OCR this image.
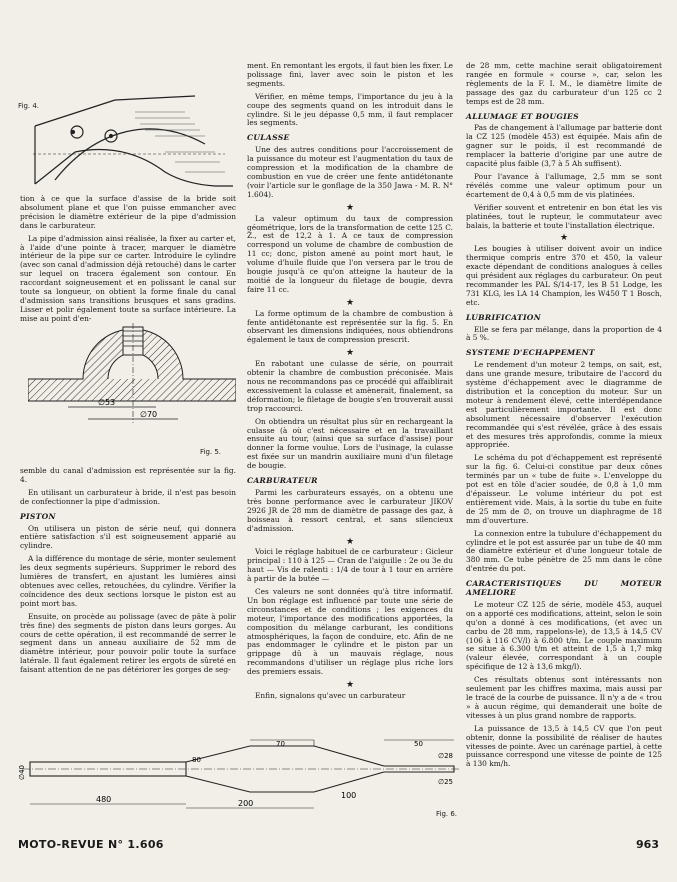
Fig. 4.

tion à ce que la surface d'assise de la bride soit absolument plane et que l'on puisse emmancher avec précision le diamètre extérieur de la pipe d'admission dans le carburateur.

La pipe d'admission ainsi réalisée, la fixer au carter et, à l'aide d'une pointe à tracer, marquer le diamètre intérieur de la pipe sur ce carter. Introduire le cylindre (avec son canal d'admission déjà retouché) dans le carter sur lequel on tracera également son contour. En raccordant soigneusement et en polissant le canal sur toute sa longueur, on obtient la forme finale du canal d'admission sans transitions brusques et sans gradins. Lisser et polir également toute sa surface intérieure. La mise au point d'en-

∅53
∅70
Fig. 5.

semble du canal d'admission est représentée sur la fig. 4.

En utilisant un carburateur à bride, il n'est pas besoin de confectionner la pipe d'admission.

PISTON

On utilisera un piston de série neuf, qui donnera entière satisfaction s'il est soigneusement apparié au cylindre.

A la différence du montage de série, monter seulement les deux segments supérieurs. Supprimer le rebord des lumières de transfert, en ajustant les lumières ainsi obtenues avec celles, retouchées, du cylindre. Vérifier la coïncidence des deux sections lorsque le piston est au point mort bas.

Ensuite, on procède au polissage (avec de pâte à polir très fine) des segments de piston dans leurs gorges. Au cours de cette opération, il est recommandé de serrer le segment dans un anneau auxiliaire de 52 mm de diamètre intérieur, pour pouvoir polir toute la surface latérale. Il faut également retirer les ergots de sûreté en faisant attention de ne pas détériorer les gorges de seg-

ment. En remontant les ergots, il faut bien les fixer. Le polissage fini, laver avec soin le piston et les segments.

Vérifier, en même temps, l'importance du jeu à la coupe des segments quand on les introduit dans le cylindre. Si le jeu dépasse 0,5 mm, il faut remplacer les segments.

CULASSE

Une des autres conditions pour l'accroissement de la puissance du moteur est l'augmentation du taux de compression et la modification de la chambre de combustion en vue de créer une fente antidétonante (voir l'article sur le gonflage de la 350 Jawa - M. R. N° 1.604).

★

La valeur optimum du taux de compression géométrique, lors de la transformation de cette 125 C. Z., est de 12,2 à 1. A ce taux de compression correspond un volume de chambre de combustion de 11 cc; donc, piston amené au point mort haut, le volume d'huile fluide que l'on versera par le trou de bougie jusqu'à ce qu'on atteigne la hauteur de la moitié de la longueur du filetage de bougie, devra faire 11 cc.

★

La forme optimum de la chambre de combustion à fente antidétonante est représentée sur la fig. 5. En observant les dimensions indiquées, nous obtiendrons également le taux de compression prescrit.

★

En rabotant une culasse de série, on pourrait obtenir la chambre de combustion préconisée. Mais nous ne recommandons pas ce procédé qui affaiblirait excessivement la culasse et amènerait, finalement, sa déformation; le filetage de bougie s'en trouverait aussi trop raccourci.

On obtiendra un résultat plus sûr en rechargeant la culasse (à où c'est nécessaire et en la travaillant ensuite au tour, (ainsi que sa surface d'assise) pour donner la forme voulue. Lors de l'usinage, la culasse est fixée sur un mandrin auxiliaire muni d'un filetage de bougie.

CARBURATEUR

Parmi les carburateurs essayés, on a obtenu une très bonne performance avec le carburateur JIKOV 2926 JR de 28 mm de diamètre de passage des gaz, à boisseau à ressort central, et sans silencieux d'admission.

★

Voici le réglage habituel de ce carburateur : Gicleur principal : 110 à 125 — Cran de l'aiguille : 2e ou 3e du haut — Vis de ralenti : 1/4 de tour à 1 tour en arrière à partir de la butée —

Ces valeurs ne sont données qu'à titre informatif. Un bon réglage est influencé par toute une série de circonstances et de conditions ; les exigences du moteur, l'importance des modifications apportées, la composition du mélange carburant, les conditions atmosphériques, la façon de conduire, etc. Afin de ne pas endommager le cylindre et le piston par un grippage dû à un mauvais réglage, nous recommandons d'utiliser un réglage plus riche lors des premiers essais.

★

Enfin, signalons qu'avec un carburateur

de 28 mm, cette machine serait obligatoirement rangée en formule « course », car, selon les règlements de la F. I. M., le diamètre limite de passage des gaz du carburateur d'un 125 cc 2 temps est de 28 mm.

ALLUMAGE ET BOUGIES

Pas de changement à l'allumage par batterie dont la CZ 125 (modèle 453) est équipée. Mais afin de gagner sur le poids, il est recommandé de remplacer la batterie d'origine par une autre de capacité plus faible (3,7 à 5 Ah suffisent).

Pour l'avance à l'allumage, 2,5 mm se sont révélés comme une valeur optimum pour un écartement de 0,4 à 0,5 mm de vis platinées.

Vérifier souvent et entretenir en bon état les vis platinées, tout le rupteur, le commutateur avec balais, la batterie et toute l'installation électrique.

★

Les bougies à utiliser doivent avoir un indice thermique compris entre 370 et 450, la valeur exacte dépendant de conditions analogues à celles qui président aux réglages du carburateur. On peut recommander les PAL S/14-17, les B 51 Lodge, les 731 KLG, les LA 14 Champion, les W450 T 1 Bosch, etc.

LUBRIFICATION

Elle se fera par mélange, dans la proportion de 4 à 5 %.

SYSTEME D'ECHAPPEMENT

Le rendement d'un moteur 2 temps, on sait, est, dans une grande mesure, tributaire de l'accord du système d'échappement avec le diagramme de distribution et la conception du moteur. Sur un moteur à rendement élevé, cette interdépendance est particulièrement importante. Il est donc absolument nécessaire d'observer l'exécution recommandée qui s'est révélée, grâce à des essais et des mesures très approfondis, comme la mieux appropriée.

Le schéma du pot d'échappement est représenté sur la fig. 6. Celui-ci constitue par deux cônes terminés par un « tube de fuite ». L'enveloppe du pot est en tôle d'acier soudée, de 0,8 à 1,0 mm d'épaisseur. Le volume intérieur du pot est entièrement vide. Mais, à la sortie du tube en fuite de 25 mm de ∅, on trouve un diaphragme de 18 mm d'ouverture.

La connexion entre la tubulure d'échappement du cylindre et le pot est assurée par un tube de 40 mm de diamètre extérieur et d'une longueur totale de 380 mm. Ce tube pénètre de 25 mm dans le cône d'entrée du pot.

CARACTERISTIQUES DU MOTEUR AMELIORE

Le moteur CZ 125 de série, modèle 453, auquel on a apporté ces modifications, atteint, selon le soin qu'on a donné à ces modifications, (et avec un carbu de 28 mm, rappelons-le), de 13,5 à 14,5 CV (106 à 116 CV/l) à 6.800 t/m. Le couple maximum se situe à 6.300 t/m et atteint de 1,5 à 1,7 mkg (valeur élevée, correspondant à un couple spécifique de 12 à 13,6 mkg/l).

Ces résultats obtenus sont intéressants non seulement par les chiffres maxima, mais aussi par le tracé de la courbe de puissance. Il n'y a de « trou » à aucun régime, qui demanderait une boîte de vitesses à un plus grand nombre de rapports.

La puissance de 13,5 à 14,5 CV que l'on peut obtenir, donne la possibilité de réaliser de hautes vitesses de pointe. Avec un carénage partiel, à cette puissance correspond une vitesse de pointe de 125 à 130 km/h.

∅40
480	200
100
80
70	50
∅28
∅25
Fig. 6.
MOTO-REVUE N° 1.606	963
